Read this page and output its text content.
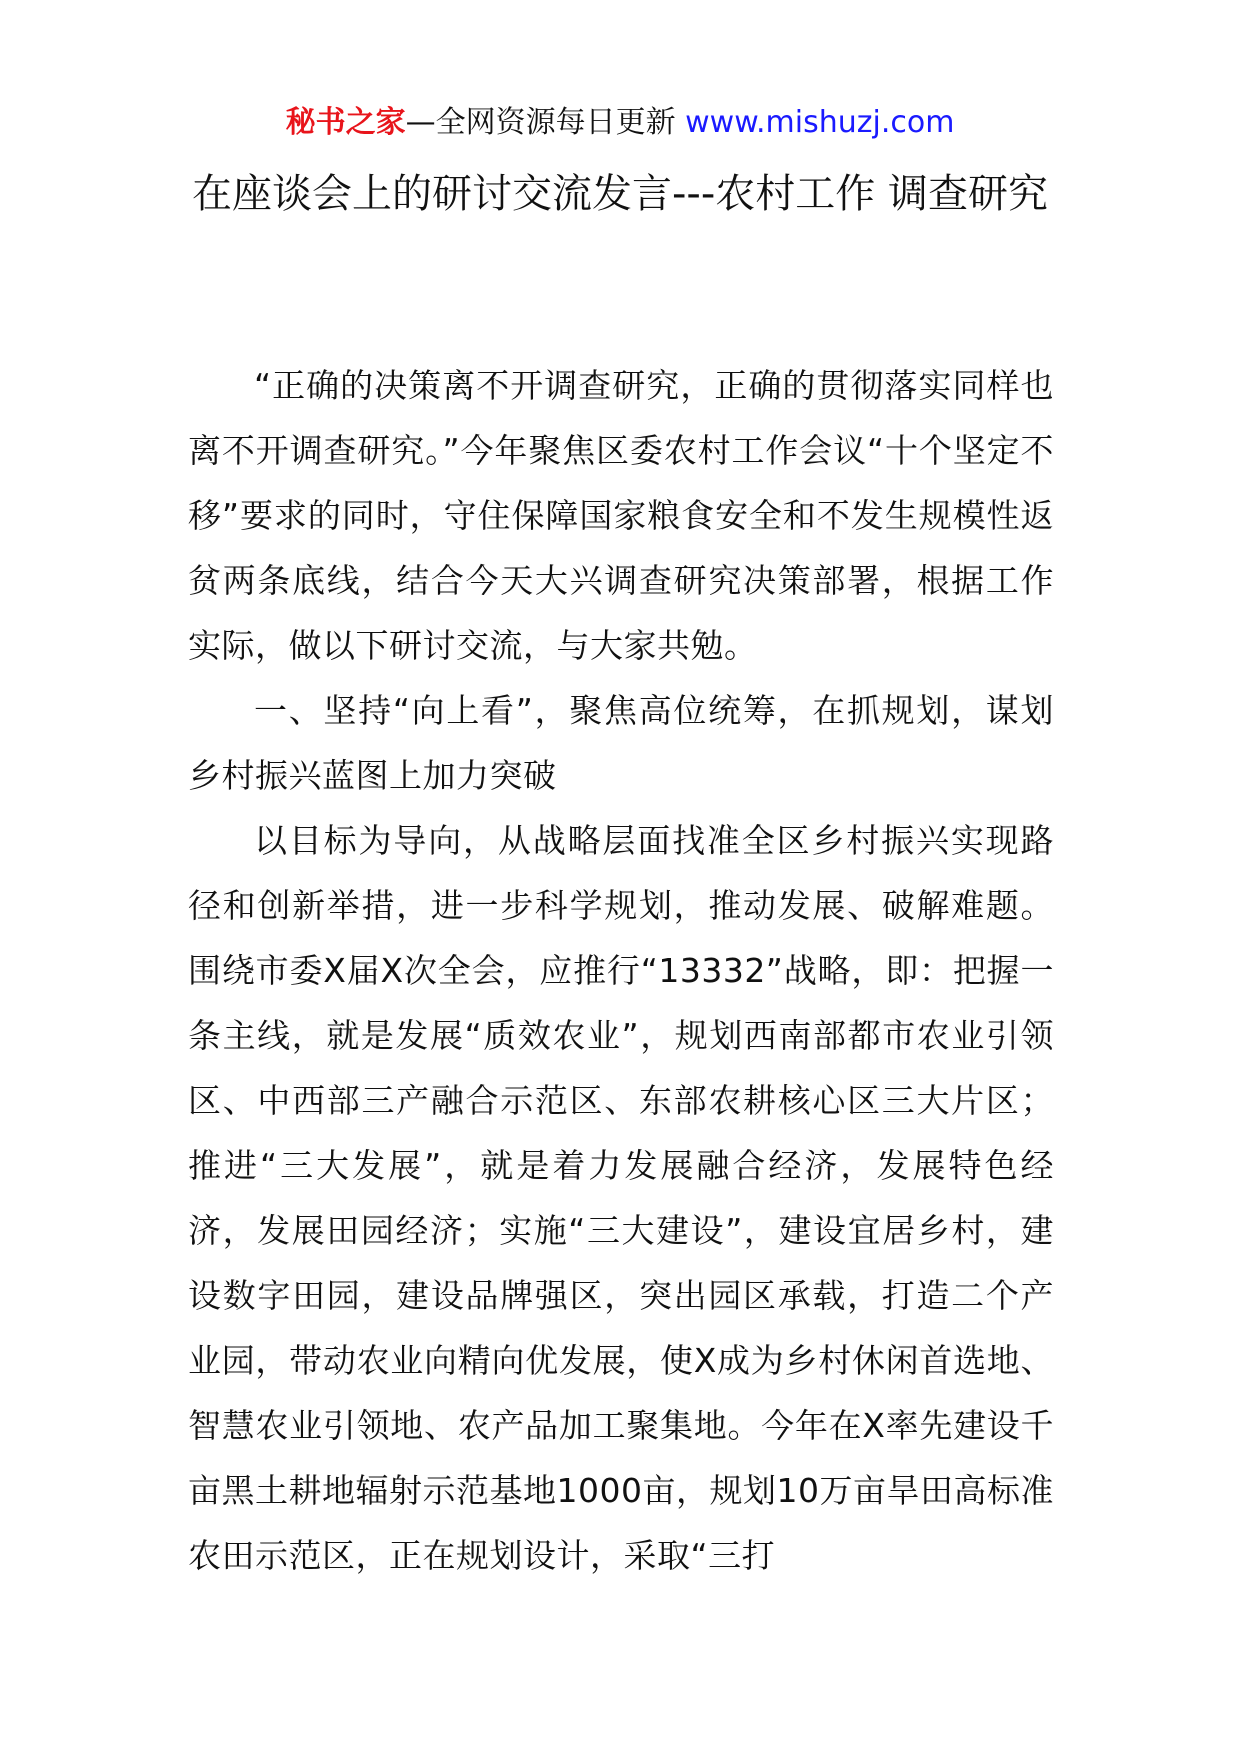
秘书之家—全网资源每日更新 www.mishuzj.com
在座谈会上的研讨交流发言---农村工作 调查研究

“正确的决策离不开调查研究，正确的贯彻落实同样也离不开调查研究。”今年聚焦区委农村工作会议“十个坚定不移”要求的同时，守住保障国家粮食安全和不发生规模性返贫两条底线，结合今天大兴调查研究决策部署，根据工作实际，做以下研讨交流，与大家共勉。

一、坚持“向上看”，聚焦高位统筹，在抓规划，谋划乡村振兴蓝图上加力突破

以目标为导向，从战略层面找准全区乡村振兴实现路径和创新举措，进一步科学规划，推动发展、破解难题。围绕市委X届X次全会，应推行“13332”战略，即：把握一条主线，就是发展“质效农业”，规划西南部都市农业引领区、中西部三产融合示范区、东部农耕核心区三大片区；推进“三大发展”，就是着力发展融合经济，发展特色经济，发展田园经济；实施“三大建设”，建设宜居乡村，建设数字田园，建设品牌强区，突出园区承载，打造二个产业园，带动农业向精向优发展，使X成为乡村休闲首选地、智慧农业引领地、农产品加工聚集地。今年在X率先建设千亩黑土耕地辐射示范基地1000亩，规划10万亩旱田高标准农田示范区，正在规划设计，采取“三打
